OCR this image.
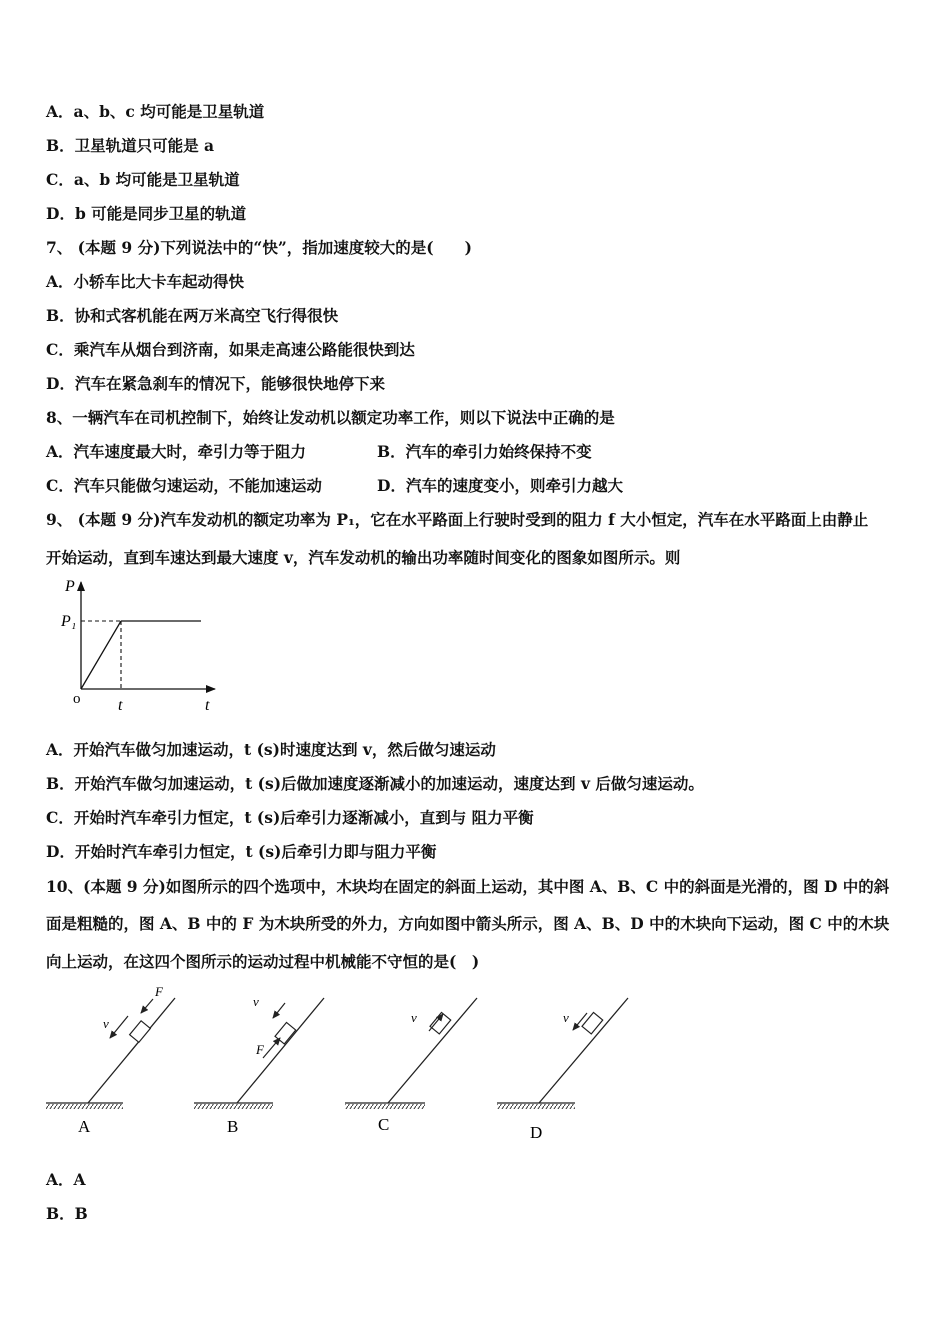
A．a、b、c 均可能是卫星轨道
B．卫星轨道只可能是 a
C．a、b 均可能是卫星轨道
D．b 可能是同步卫星的轨道
7、 (本题 9 分)下列说法中的“快”，指加速度较大的是(　　)
A．小轿车比大卡车起动得快
B．协和式客机能在两万米高空飞行得很快
C．乘汽车从烟台到济南，如果走高速公路能很快到达
D．汽车在紧急刹车的情况下，能够很快地停下来
8、一辆汽车在司机控制下，始终让发动机以额定功率工作，则以下说法中正确的是
A．汽车速度最大时，牵引力等于阻力	B．汽车的牵引力始终保持不变
C．汽车只能做匀速运动，不能加速运动	D．汽车的速度变小，则牵引力越大
9、 (本题 9 分)汽车发动机的额定功率为 P₁，它在水平路面上行驶时受到的阻力 f 大小恒定，汽车在水平路面上由静止
开始运动，直到车速达到最大速度 v，汽车发动机的输出功率随时间变化的图象如图所示。则
P
P₁
o t	t
A．开始汽车做匀加速运动，t (s)时速度达到 v，然后做匀速运动
B．开始汽车做匀加速运动，t (s)后做加速度逐渐减小的加速运动，速度达到 v 后做匀速运动。
C．开始时汽车牵引力恒定，t (s)后牵引力逐渐减小，直到与 阻力平衡
D．开始时汽车牵引力恒定，t (s)后牵引力即与阻力平衡
10、(本题 9 分)如图所示的四个选项中，木块均在固定的斜面上运动，其中图 A、B、C 中的斜面是光滑的，图 D 中的斜
面是粗糙的，图 A、B 中的 F 为木块所受的外力，方向如图中箭头所示，图 A、B、D 中的木块向下运动，图 C 中的木块
向上运动，在这四个图所示的运动过程中机械能不守恒的是(　)
v
F
A
v
F
B
v
C
v
D
A．A
B．B
